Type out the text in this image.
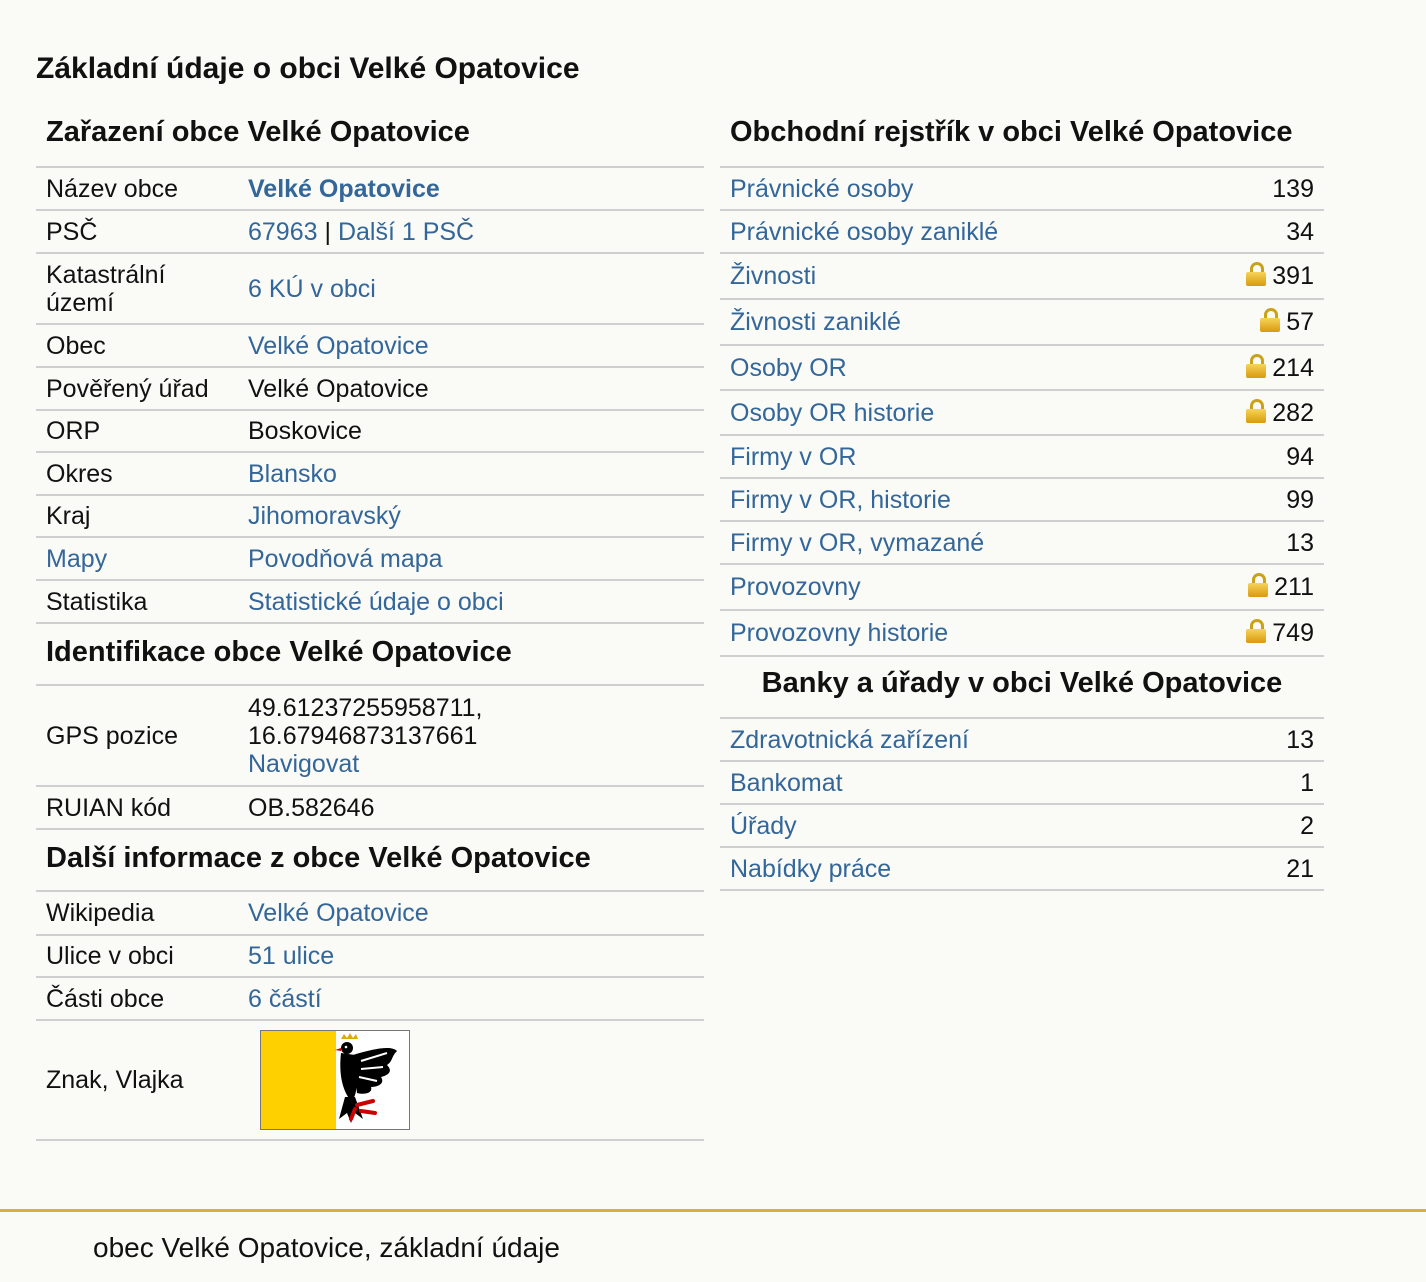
Základní údaje o obci Velké Opatovice
Zařazení obce Velké Opatovice
Název obce	Velké Opatovice
PSČ	67963 | Další 1 PSČ
Katastrální
území	6 KÚ v obci
Obec	Velké Opatovice
Pověřený úřad	Velké Opatovice
ORP	Boskovice
Okres	Blansko
Kraj	Jihomoravský
Mapy	Povodňová mapa
Statistika	Statistické údaje o obci
Identifikace obce Velké Opatovice
GPS pozice	49.61237255958711,
16.67946873137661
Navigovat
RUIAN kód	OB.582646
Další informace z obce Velké Opatovice
Wikipedia	Velké Opatovice
Ulice v obci	51 ulice
Části obce	6 částí
Znak, Vlajka	
Obchodní rejstřík v obci Velké Opatovice
Právnické osoby	139
Právnické osoby zaniklé	34
Živnosti	391
Živnosti zaniklé	57
Osoby OR	214
Osoby OR historie	282
Firmy v OR	94
Firmy v OR, historie	99
Firmy v OR, vymazané	13
Provozovny	211
Provozovny historie	749
Banky a úřady v obci Velké Opatovice
Zdravotnická zařízení	13
Bankomat	1
Úřady	2
Nabídky práce	21
obec Velké Opatovice, základní údaje
